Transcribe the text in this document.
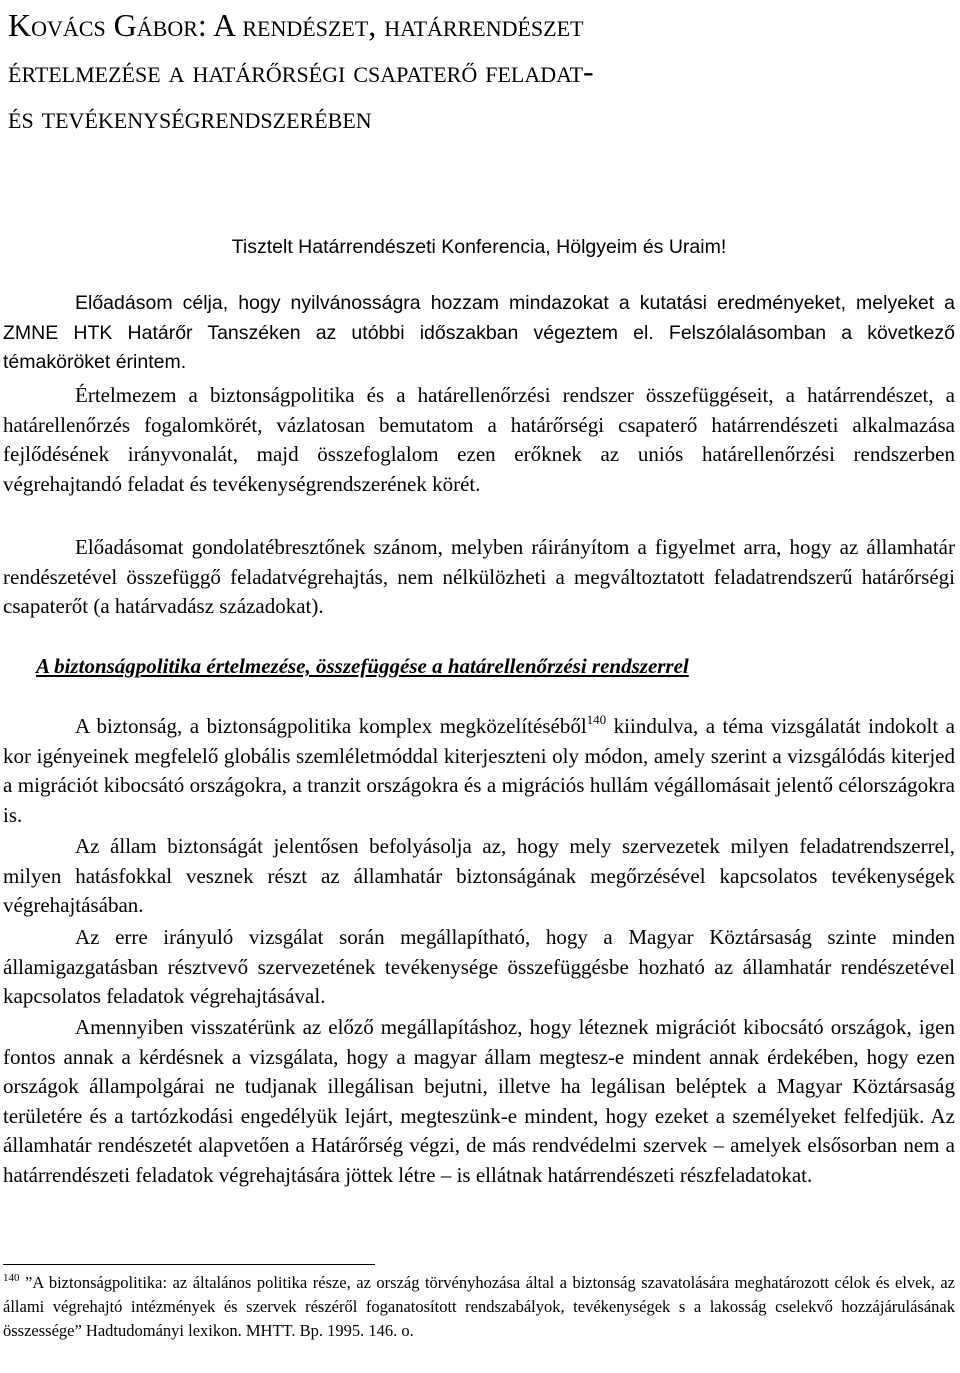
Kovács Gábor: A rendészet, határrendészet
értelmezése a határőrségi csapaterő feladat-
és tevékenységrendszerében

Tisztelt Határrendészeti Konferencia, Hölgyeim és Uraim!

Előadásom célja, hogy nyilvánosságra hozzam mindazokat a kutatási eredményeket, melyeket a ZMNE HTK Határőr Tanszéken az utóbbi időszakban végeztem el. Felszólalásomban a következő témaköröket érintem.

Értelmezem a biztonságpolitika és a határellenőrzési rendszer összefüggéseit, a határrendészet, a határellenőrzés fogalomkörét, vázlatosan bemutatom a határőrségi csapaterő határrendészeti alkalmazása fejlődésének irányvonalát, majd összefoglalom ezen erőknek az uniós határellenőrzési rendszerben végrehajtandó feladat és tevékenységrendszerének körét.

Előadásomat gondolatébresztőnek szánom, melyben ráirányítom a figyelmet arra, hogy az államhatár rendészetével összefüggő feladatvégrehajtás, nem nélkülözheti a megváltoztatott feladatrendszerű határőrségi csapaterőt (a határvadász századokat).

A biztonságpolitika értelmezése, összefüggése a határellenőrzési rendszerrel

A biztonság, a biztonságpolitika komplex megközelítéséből$^{140}$ kiindulva, a téma vizsgálatát indokolt a kor igényeinek megfelelő globális szemléletmóddal kiterjeszteni oly módon, amely szerint a vizsgálódás kiterjed a migrációt kibocsátó országokra, a tranzit országokra és a migrációs hullám végállomásait jelentő célországokra is.

Az állam biztonságát jelentősen befolyásolja az, hogy mely szervezetek milyen feladatrendszerrel, milyen hatásfokkal vesznek részt az államhatár biztonságának megőrzésével kapcsolatos tevékenységek végrehajtásában.

Az erre irányuló vizsgálat során megállapítható, hogy a Magyar Köztársaság szinte minden államigazgatásban résztvevő szervezetének tevékenysége összefüggésbe hozható az államhatár rendészetével kapcsolatos feladatok végrehajtásával.

Amennyiben visszatérünk az előző megállapításhoz, hogy léteznek migrációt kibocsátó országok, igen fontos annak a kérdésnek a vizsgálata, hogy a magyar állam megtesz-e mindent annak érdekében, hogy ezen országok állampolgárai ne tudjanak illegálisan bejutni, illetve ha legálisan beléptek a Magyar Köztársaság területére és a tartózkodási engedélyük lejárt, megteszünk-e mindent, hogy ezeket a személyeket felfedjük. Az államhatár rendészetét alapvetően a Határőrség végzi, de más rendvédelmi szervek – amelyek elsősorban nem a határrendészeti feladatok végrehajtására jöttek létre – is ellátnak határrendészeti részfeladatokat.

$^{140}$ ”A biztonságpolitika: az általános politika része, az ország törvényhozása által a biztonság szavatolására meghatározott célok és elvek, az állami végrehajtó intézmények és szervek részéről foganatosított rendszabályok, tevékenységek s a lakosság cselekvő hozzájárulásának összessége” Hadtudományi lexikon. MHTT. Bp. 1995. 146. o.
